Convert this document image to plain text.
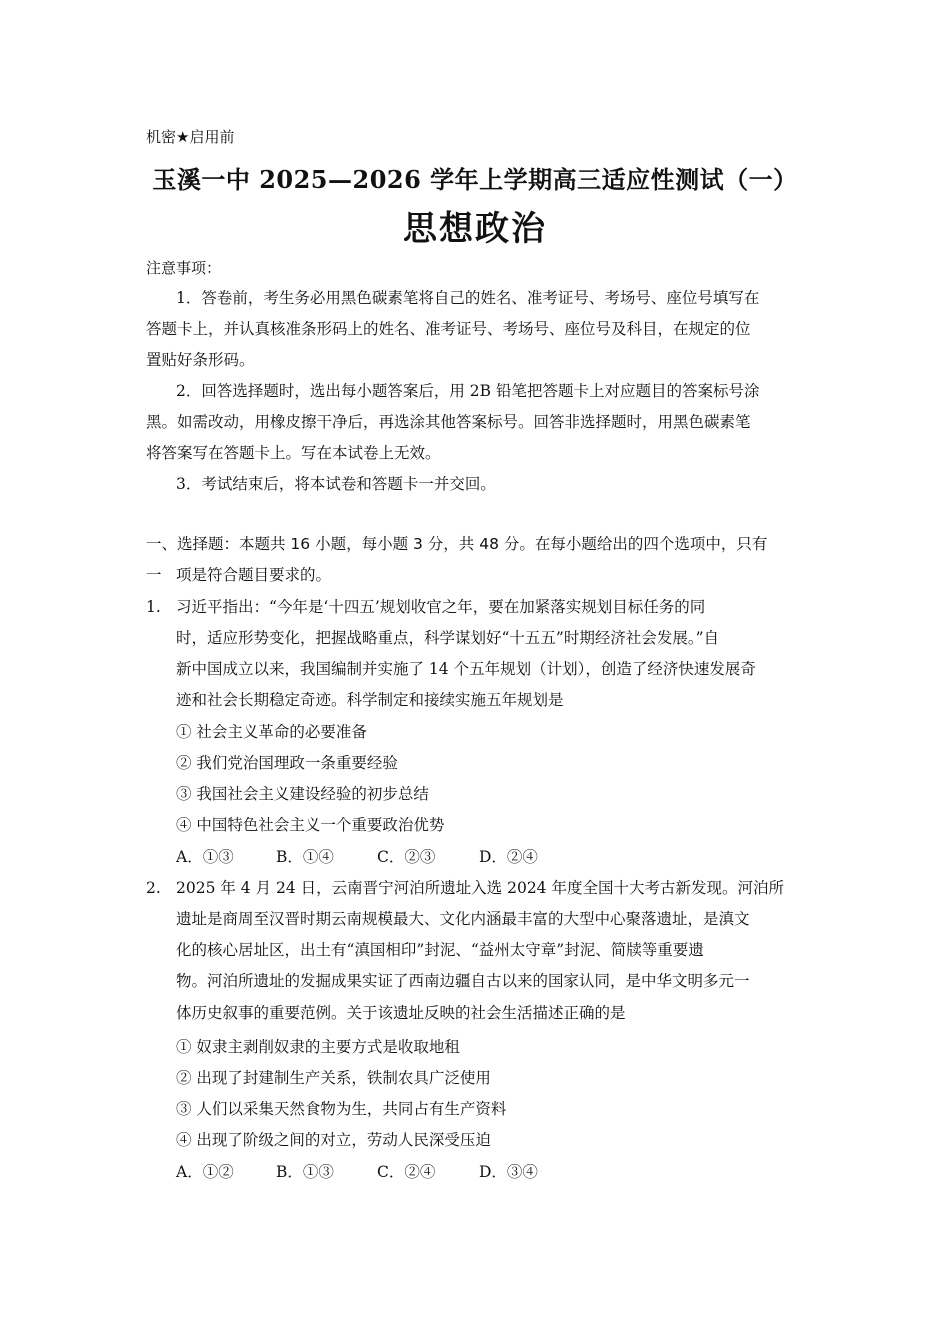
机密★启用前
玉溪一中 2025—2026 学年上学期高三适应性测试（一）
思想政治
注意事项：
1．答卷前，考生务必用黑色碳素笔将自己的姓名、准考证号、考场号、座位号填写在
答题卡上，并认真核准条形码上的姓名、准考证号、考场号、座位号及科目，在规定的位
置贴好条形码。
2．回答选择题时，选出每小题答案后，用 2B 铅笔把答题卡上对应题目的答案标号涂
黑。如需改动，用橡皮擦干净后，再选涂其他答案标号。回答非选择题时，用黑色碳素笔
将答案写在答题卡上。写在本试卷上无效。
3．考试结束后，将本试卷和答题卡一并交回。
一、选择题：本题共 16 小题，每小题 3 分，共 48 分。在每小题给出的四个选项中，只有
一 项是符合题目要求的。
1. 习近平指出：“今年是‘十四五’规划收官之年，要在加紧落实规划目标任务的同
时，适应形势变化，把握战略重点，科学谋划好“十五五”时期经济社会发展。”自
新中国成立以来，我国编制并实施了 14 个五年规划（计划），创造了经济快速发展奇
迹和社会长期稳定奇迹。科学制定和接续实施五年规划是
① 社会主义革命的必要准备
② 我们党治国理政一条重要经验
③ 我国社会主义建设经验的初步总结
④ 中国特色社会主义一个重要政治优势
A．①③	B．①④	C．②③	D．②④
2. 2025 年 4 月 24 日，云南晋宁河泊所遗址入选 2024 年度全国十大考古新发现。河泊所
遗址是商周至汉晋时期云南规模最大、文化内涵最丰富的大型中心聚落遗址，是滇文
化的核心居址区，出土有“滇国相印”封泥、“益州太守章”封泥、简牍等重要遗
物。河泊所遗址的发掘成果实证了西南边疆自古以来的国家认同，是中华文明多元一
体历史叙事的重要范例。关于该遗址反映的社会生活描述正确的是
① 奴隶主剥削奴隶的主要方式是收取地租
② 出现了封建制生产关系，铁制农具广泛使用
③ 人们以采集天然食物为生，共同占有生产资料
④ 出现了阶级之间的对立，劳动人民深受压迫
A．①②	B．①③	C．②④	D．③④
